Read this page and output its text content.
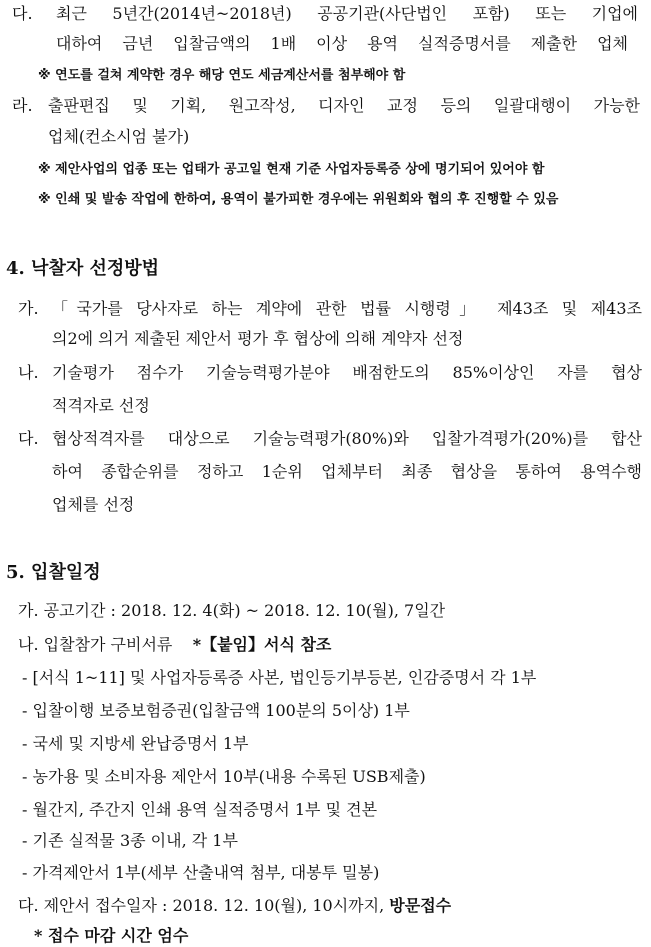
다. 최근 5년간(2014년~2018년) 공공기관(사단법인 포함) 또는 기업에
대하여 금년 입찰금액의 1배 이상 용역 실적증명서를 제출한 업체
※ 연도를 걸쳐 계약한 경우 해당 연도 세금계산서를 첨부해야 함
라. 출판편집 및 기획, 원고작성, 디자인 교정 등의 일괄대행이 가능한
업체(컨소시엄 불가)
※ 제안사업의 업종 또는 업태가 공고일 현재 기준 사업자등록증 상에 명기되어 있어야 함
※ 인쇄 및 발송 작업에 한하여, 용역이 불가피한 경우에는 위원회와 협의 후 진행할 수 있음
4. 낙찰자 선정방법
가. 「국가를 당사자로 하는 계약에 관한 법률 시행령」 제43조 및 제43조
의2에 의거 제출된 제안서 평가 후 협상에 의해 계약자 선정
나. 기술평가 점수가 기술능력평가분야 배점한도의 85%이상인 자를 협상
적격자로 선정
다. 협상적격자를 대상으로 기술능력평가(80%)와 입찰가격평가(20%)를 합산
하여 종합순위를 정하고 1순위 업체부터 최종 협상을 통하여 용역수행
업체를 선정
5. 입찰일정
가. 공고기간 : 2018. 12. 4(화) ~ 2018. 12. 10(월), 7일간
나. 입찰참가 구비서류 *【붙임】서식 참조
- [서식 1~11] 및 사업자등록증 사본, 법인등기부등본, 인감증명서 각 1부
- 입찰이행 보증보험증권(입찰금액 100분의 5이상) 1부
- 국세 및 지방세 완납증명서 1부
- 농가용 및 소비자용 제안서 10부(내용 수록된 USB제출)
- 월간지, 주간지 인쇄 용역 실적증명서 1부 및 견본
- 기존 실적물 3종 이내, 각 1부
- 가격제안서 1부(세부 산출내역 첨부, 대봉투 밀봉)
다. 제안서 접수일자 : 2018. 12. 10(월), 10시까지, 방문접수
* 접수 마감 시간 엄수
